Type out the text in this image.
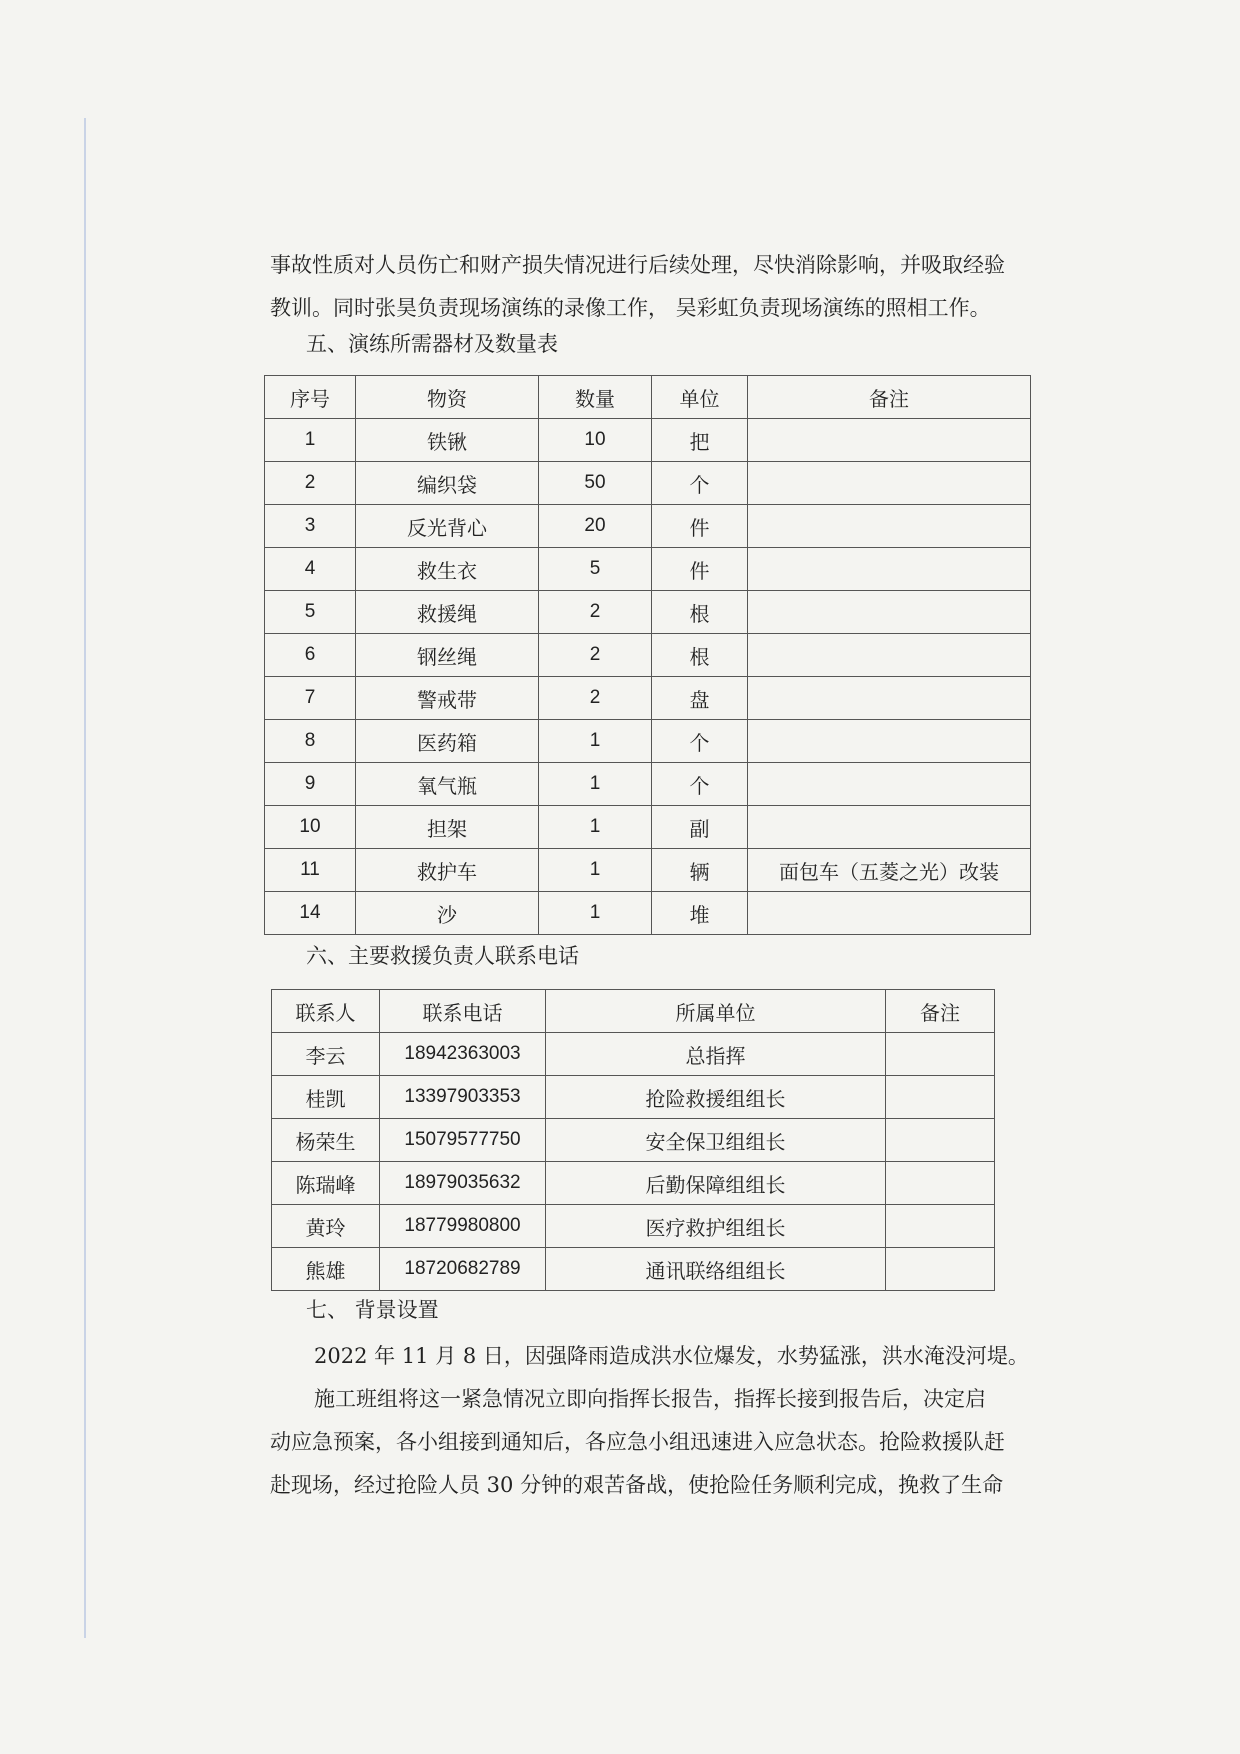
事故性质对人员伤亡和财产损失情况进行后续处理，尽快消除影响，并吸取经验

教训。同时张昊负责现场演练的录像工作， 吴彩虹负责现场演练的照相工作。

五、演练所需器材及数量表

序号	物资	数量	单位	备注
1	铁锹	10	把	
2	编织袋	50	个	
3	反光背心	20	件	
4	救生衣	5	件	
5	救援绳	2	根	
6	钢丝绳	2	根	
7	警戒带	2	盘	
8	医药箱	1	个	
9	氧气瓶	1	个	
10	担架	1	副	
11	救护车	1	辆	面包车（五菱之光）改装
14	沙	1	堆	

六、主要救援负责人联系电话

联系人	联系电话	所属单位	备注
李云	18942363003	总指挥	
桂凯	13397903353	抢险救援组组长	
杨荣生	15079577750	安全保卫组组长	
陈瑞峰	18979035632	后勤保障组组长	
黄玲	18779980800	医疗救护组组长	
熊雄	18720682789	通讯联络组组长	

七、 背景设置

2022 年 11 月 8 日，因强降雨造成洪水位爆发，水势猛涨，洪水淹没河堤。

施工班组将这一紧急情况立即向指挥长报告，指挥长接到报告后，决定启

动应急预案，各小组接到通知后，各应急小组迅速进入应急状态。抢险救援队赶

赴现场，经过抢险人员 30 分钟的艰苦备战，使抢险任务顺利完成，挽救了生命
